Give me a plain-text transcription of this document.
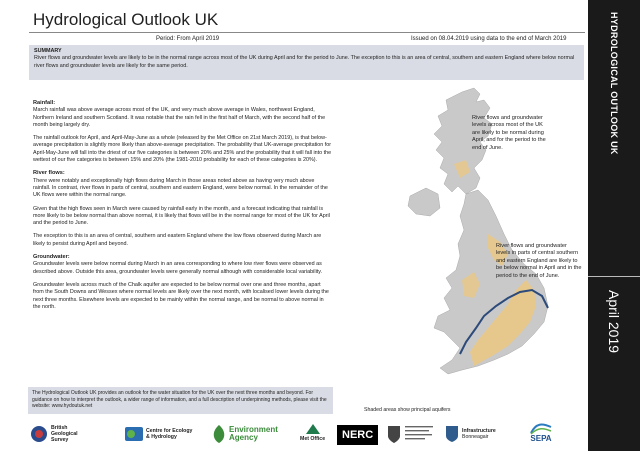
Hydrological Outlook UK
Period: From April 2019	Issued on 08.04.2019 using data to the end of March 2019	HYDROLOGICAL OUTLOOK UK
April 2019
SUMMARY
River flows and groundwater levels are likely to be in the normal range across most of the UK during April and for the period to June. The exception to this is an area of central, southern and eastern England where below normal river flows and groundwater levels are likely for the same period.
Rainfall:

March rainfall was above average across most of the UK, and very much above average in Wales, northwest England, Northern Ireland and southern Scotland. It was notable that the rain fell in the first half of March, with the second half of the month being largely dry.

The rainfall outlook for April, and April-May-June as a whole (released by the Met Office on 21st March 2019), is that below-average precipitation is slightly more likely than above-average precipitation. The probability that UK-average precipitation for April-May-June will fall into the driest of our five categories is between 20% and 25% and the probability that it will fall into the wettest of our five categories is between 15% and 20% (the 1981-2010 probability for each of these categories is 20%).

River flows:

There were notably and exceptionally high flows during March in those areas noted above as having very much above rainfall. In contrast, river flows in parts of central, southern and eastern England, were below normal. In the remainder of the UK flows were within the normal range.

Given that the high flows seen in March were caused by rainfall early in the month, and a forecast indicating that rainfall is more likely to be below normal than above normal, it is likely that flows will be in the normal range for most of the UK for April and the period to June.

The exception to this is an area of central, southern and eastern England where the low flows observed during March are likely to persist during April and beyond.

Groundwater:

Groundwater levels were below normal during March in an area corresponding to where low river flows were observed as described above. Outside this area, groundwater levels were generally normal although with considerable local variability.

Groundwater levels across much of the Chalk aquifer are expected to be below normal over one and three months, apart from the South Downs and Wessex where normal levels are likely over the next month, with localised lower levels during the next three months. Elsewhere levels are expected to be mainly within the normal range, and be normal to above normal in the north.

River flows and groundwater levels across most of the UK are likely to be normal during April, and for the period to the end of June.
River flows and groundwater levels in parts of central southern and eastern England are likely to be below normal in April and in the period to the end of June.
The Hydrological Outlook UK provides an outlook for the water situation for the UK over the next three months and beyond. For guidance on how to interpret the outlook, a wider range of information, and a full description of underpinning methods, please visit the website: www.hydoutuk.net
Shaded areas show principal aquifers
British Geological Survey
Centre for Ecology & Hydrology
Environment Agency	Met Office	NERC	Infrastructure
Bonneagair	SEPA
